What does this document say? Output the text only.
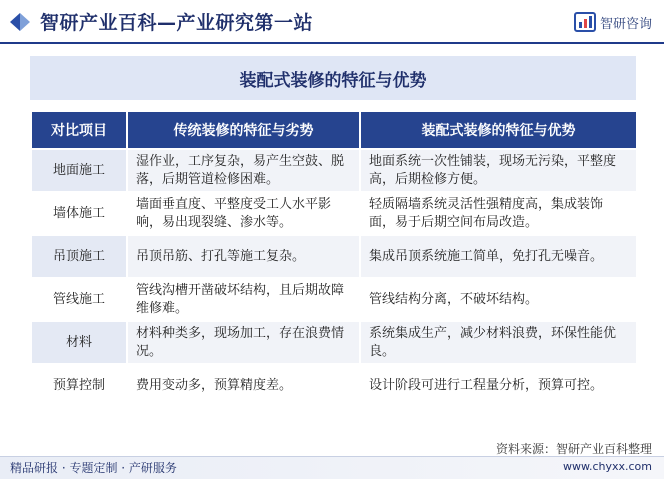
智研产业百科—产业研究第一站	智研咨询
装配式装修的特征与优势
对比项目	传统装修的特征与劣势	装配式装修的特征与优势
地面施工	湿作业，工序复杂，易产生空鼓、脱落，后期管道检修困难。	地面系统一次性铺装，现场无污染，平整度高，后期检修方便。
墙体施工	墙面垂直度、平整度受工人水平影响，易出现裂缝、渗水等。	轻质隔墙系统灵活性强精度高，集成装饰面，易于后期空间布局改造。
吊顶施工	吊顶吊筋、打孔等施工复杂。	集成吊顶系统施工简单，免打孔无噪音。
管线施工	管线沟槽开凿破坏结构，且后期故障维修难。	管线结构分离，不破坏结构。
材料	材料种类多，现场加工，存在浪费情况。	系统集成生产，减少材料浪费，环保性能优良。
预算控制	费用变动多，预算精度差。	设计阶段可进行工程量分析，预算可控。
资料来源：智研产业百科整理
精品研报 · 专题定制 · 产研服务	www.chyxx.com
